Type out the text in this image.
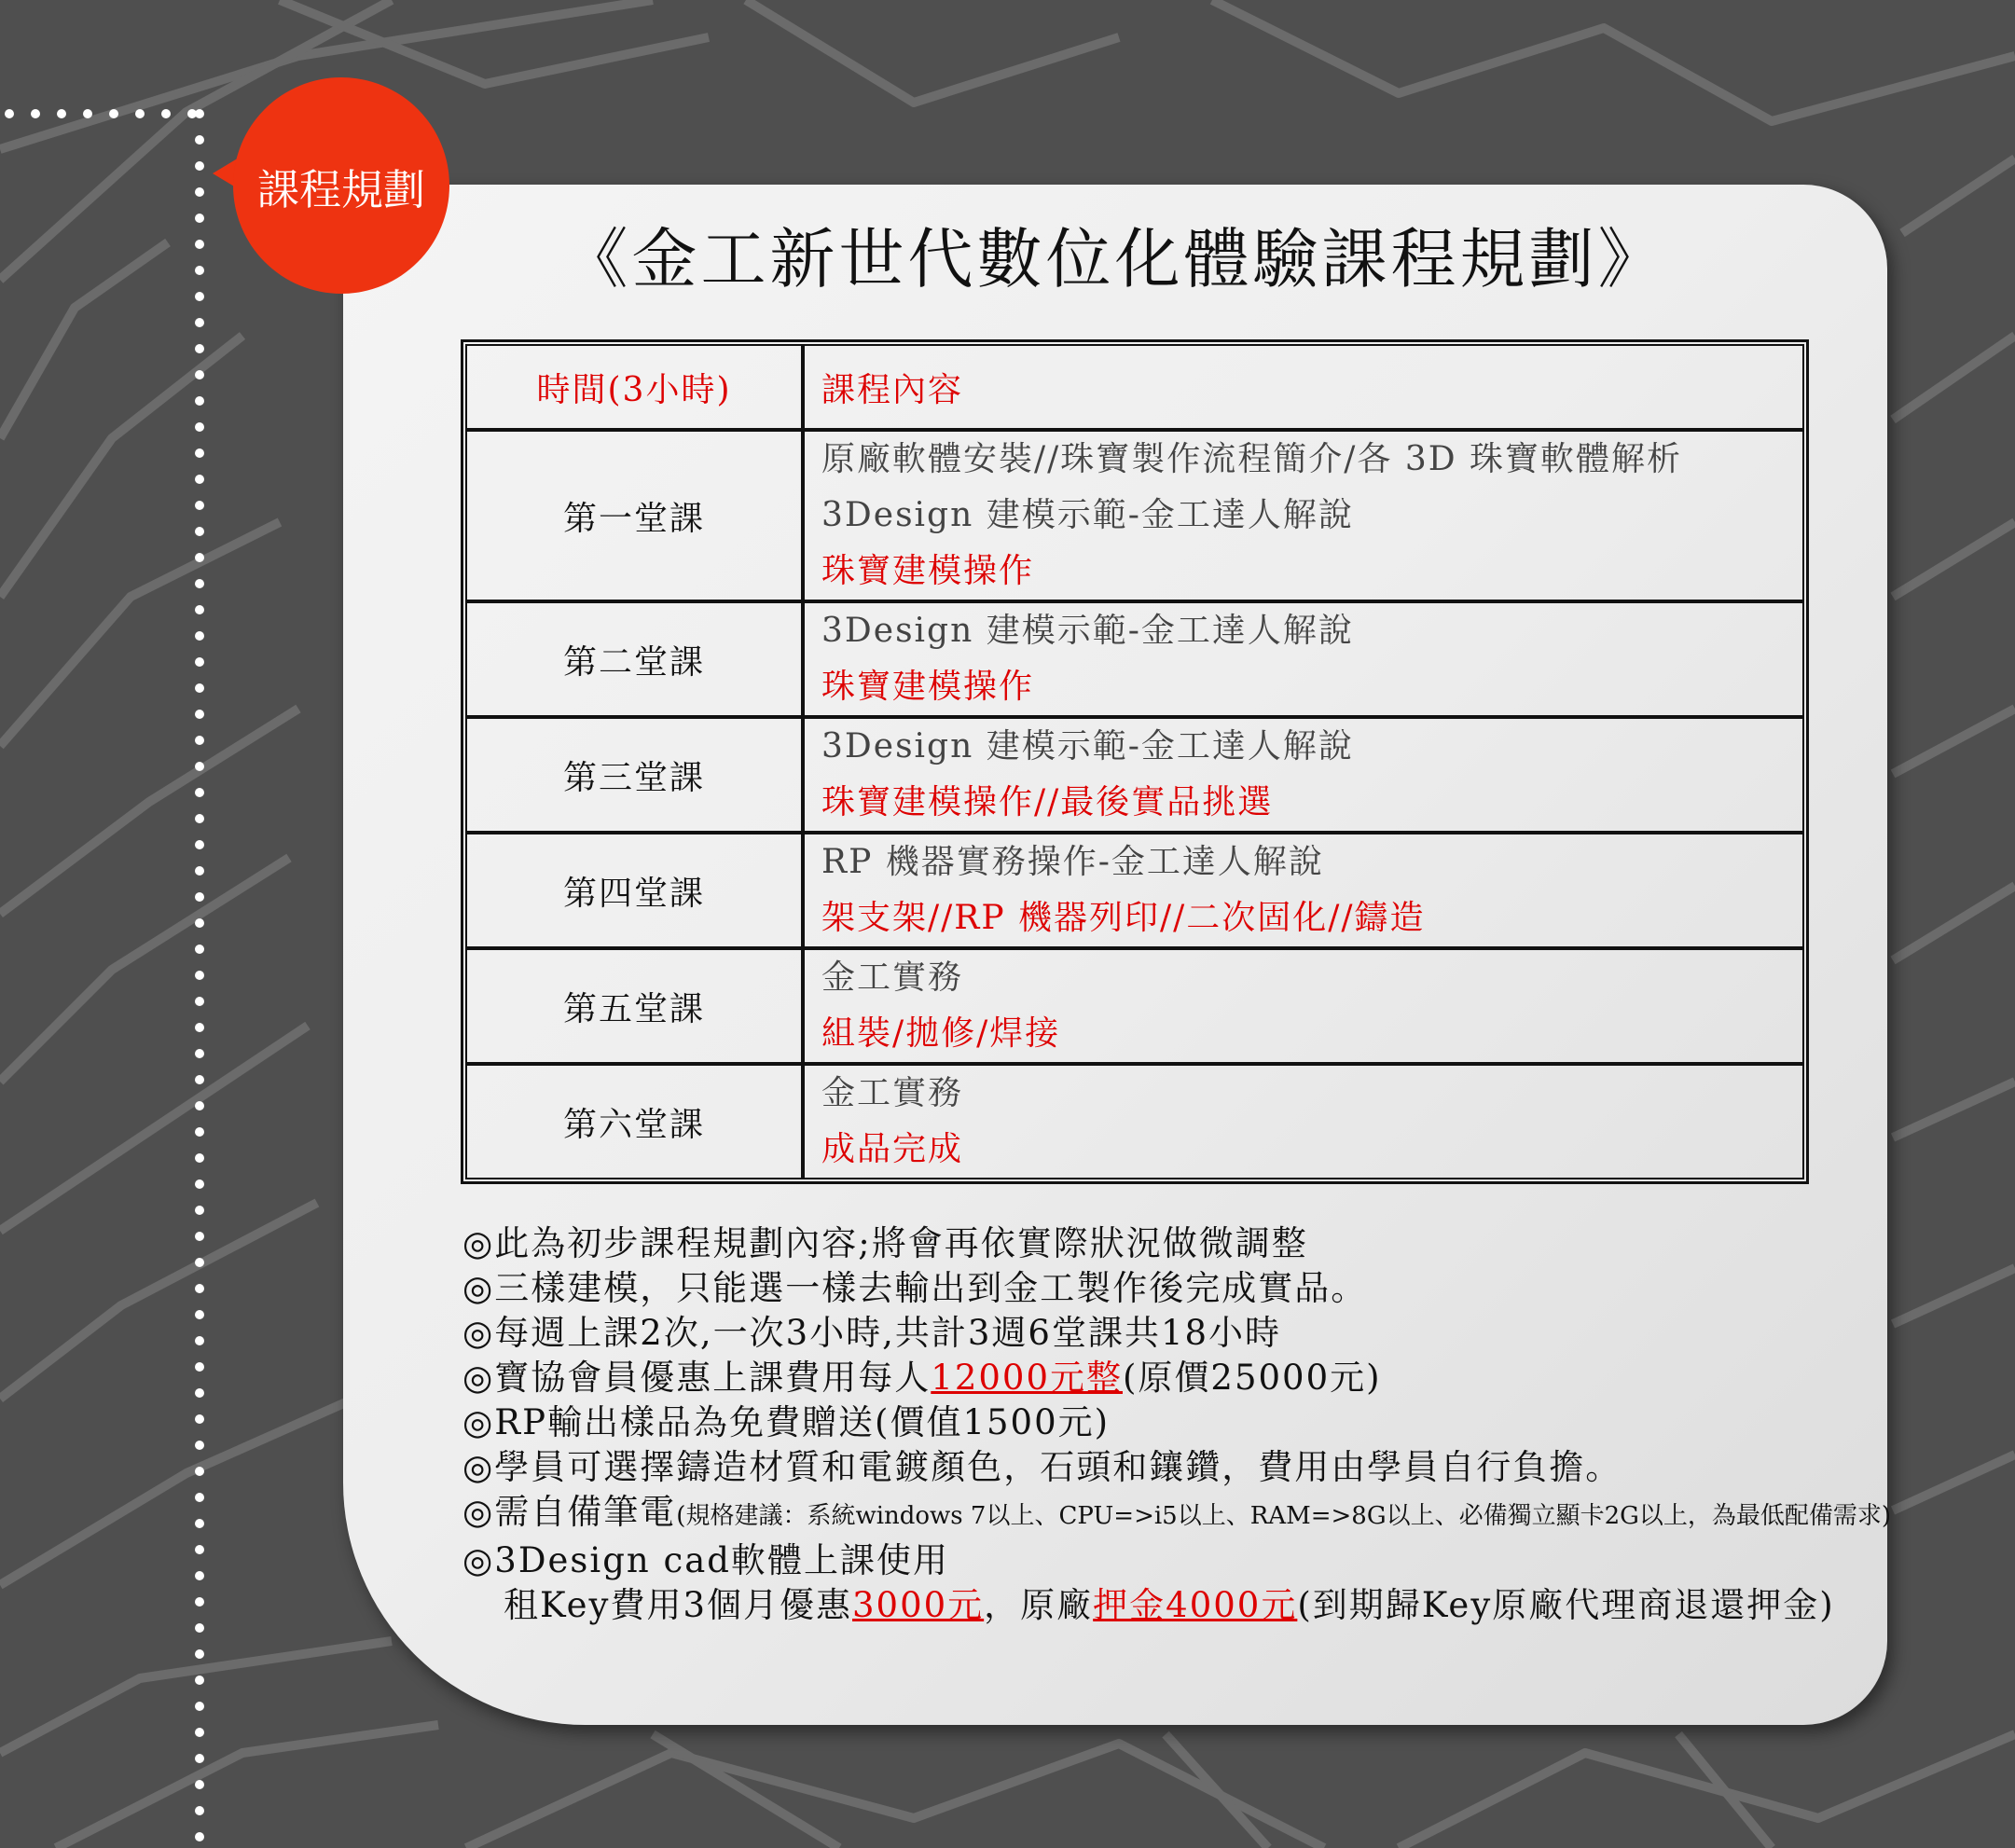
課程規劃
《金工新世代數位化體驗課程規劃》
時間(3小時)	課程內容
第一堂課	原廠軟體安裝//珠寶製作流程簡介/各 3D 珠寶軟體解析
3Design 建模示範-金工達人解說
珠寶建模操作

第二堂課	3Design 建模示範-金工達人解說
珠寶建模操作

第三堂課	3Design 建模示範-金工達人解說
珠寶建模操作//最後實品挑選

第四堂課	RP 機器實務操作-金工達人解說
架支架//RP 機器列印//二次固化//鑄造

第五堂課	金工實務
組裝/拋修/焊接

第六堂課	金工實務
成品完成
◎此為初步課程規劃內容;將會再依實際狀況做微調整
◎三樣建模，只能選一樣去輸出到金工製作後完成實品。
◎每週上課2次,一次3小時,共計3週6堂課共18小時
◎寶協會員優惠上課費用每人12000元整(原價25000元)
◎RP輸出樣品為免費贈送(價值1500元)
◎學員可選擇鑄造材質和電鍍顏色，石頭和鑲鑽，費用由學員自行負擔。
◎需自備筆電(規格建議：系統windows 7以上、CPU=>i5以上、RAM=>8G以上、必備獨立顯卡2G以上，為最低配備需求)
◎3Design cad軟體上課使用
租Key費用3個月優惠3000元，原廠押金4000元(到期歸Key原廠代理商退還押金)
